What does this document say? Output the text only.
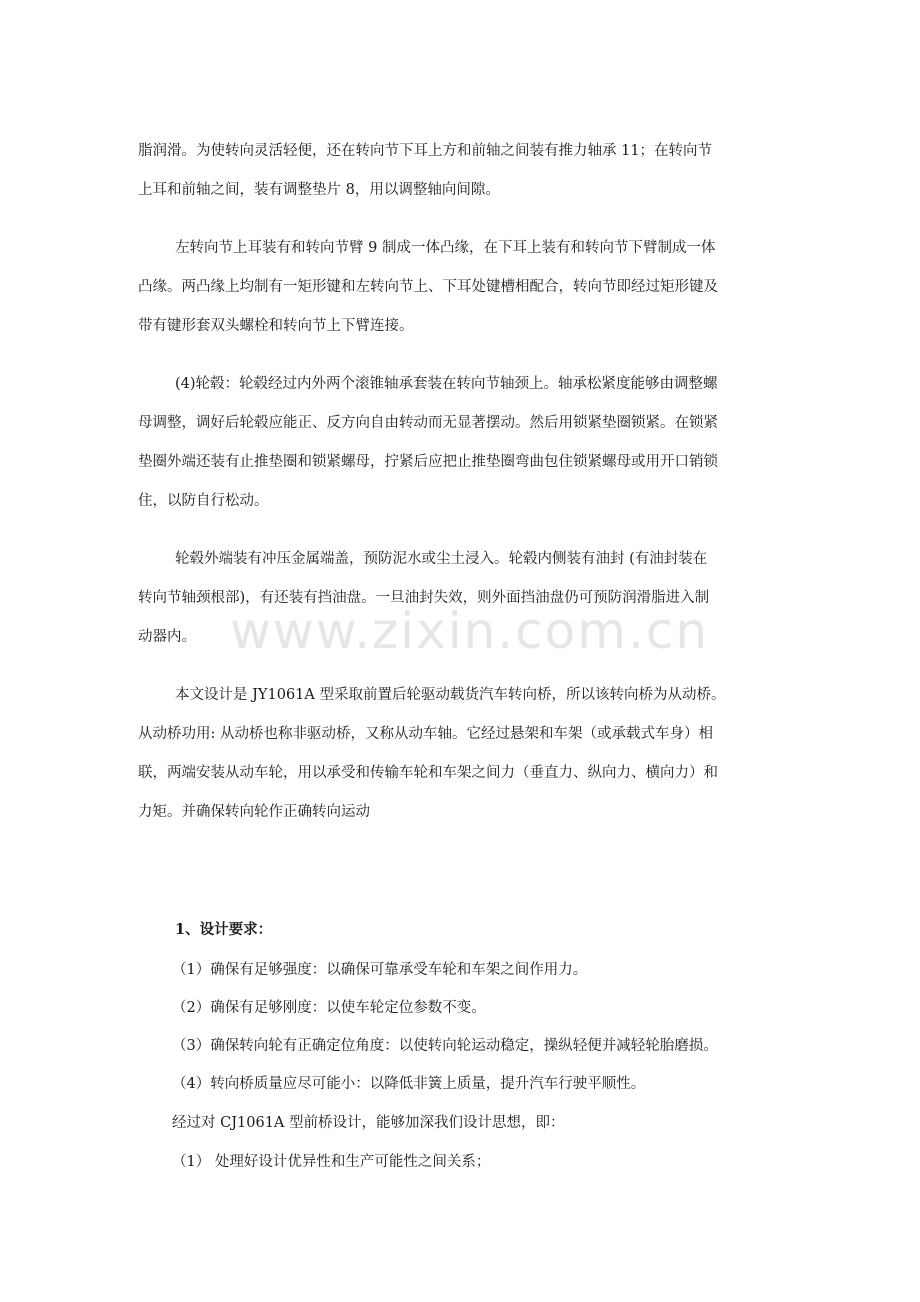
www.zixin.com.cn
脂润滑。为使转向灵活轻便，还在转向节下耳上方和前轴之间装有推力轴承 11；在转向节
上耳和前轴之间，装有调整垫片 8，用以调整轴向间隙。
左转向节上耳装有和转向节臂 9 制成一体凸缘，在下耳上装有和转向节下臂制成一体
凸缘。两凸缘上均制有一矩形键和左转向节上、下耳处键槽相配合，转向节即经过矩形键及
带有键形套双头螺栓和转向节上下臂连接。
(4)轮毂：轮毂经过内外两个滚锥轴承套装在转向节轴颈上。轴承松紧度能够由调整螺
母调整，调好后轮毂应能正、反方向自由转动而无显著摆动。然后用锁紧垫圈锁紧。在锁紧
垫圈外端还装有止推垫圈和锁紧螺母，拧紧后应把止推垫圈弯曲包住锁紧螺母或用开口销锁
住，以防自行松动。
轮毂外端装有冲压金属端盖，预防泥水或尘土浸入。轮毂内侧装有油封 (有油封装在
转向节轴颈根部)，有还装有挡油盘。一旦油封失效，则外面挡油盘仍可预防润滑脂进入制
动器内。
本文设计是 JY1061A 型采取前置后轮驱动载货汽车转向桥，所以该转向桥为从动桥。
从动桥功用: 从动桥也称非驱动桥，又称从动车轴。它经过悬架和车架（或承载式车身）相
联，两端安装从动车轮，用以承受和传输车轮和车架之间力（垂直力、纵向力、横向力）和
力矩。并确保转向轮作正确转向运动
1、设计要求：
（1）确保有足够强度：以确保可靠承受车轮和车架之间作用力。
（2）确保有足够刚度：以使车轮定位参数不变。
（3）确保转向轮有正确定位角度：以使转向轮运动稳定，操纵轻便并减轻轮胎磨损。
（4）转向桥质量应尽可能小：以降低非簧上质量，提升汽车行驶平顺性。
经过对 CJ1061A 型前桥设计，能够加深我们设计思想，即：
（1） 处理好设计优异性和生产可能性之间关系；
